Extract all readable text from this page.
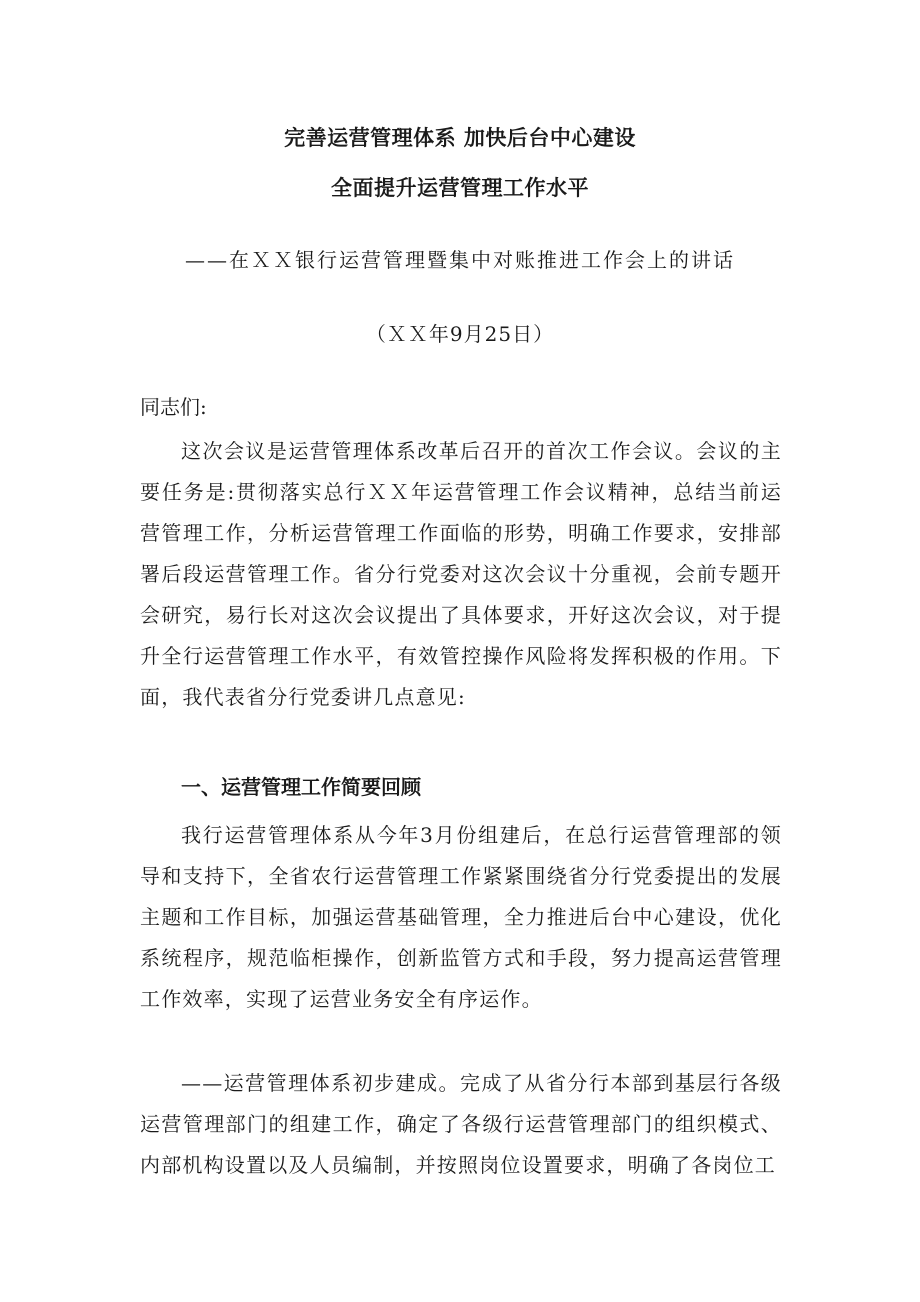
完善运营管理体系 加快后台中心建设
全面提升运营管理工作水平

——在ＸＸ银行运营管理暨集中对账推进工作会上的讲话

（ＸＸ年9月25日）

同志们:

这次会议是运营管理体系改革后召开的首次工作会议。会议的主要任务是:贯彻落实总行ＸＸ年运营管理工作会议精神，总结当前运营管理工作，分析运营管理工作面临的形势，明确工作要求，安排部署后段运营管理工作。省分行党委对这次会议十分重视，会前专题开会研究，易行长对这次会议提出了具体要求，开好这次会议，对于提升全行运营管理工作水平，有效管控操作风险将发挥积极的作用。下面，我代表省分行党委讲几点意见:

一、运营管理工作简要回顾

我行运营管理体系从今年3月份组建后，在总行运营管理部的领导和支持下，全省农行运营管理工作紧紧围绕省分行党委提出的发展主题和工作目标，加强运营基础管理，全力推进后台中心建设，优化系统程序，规范临柜操作，创新监管方式和手段，努力提高运营管理工作效率，实现了运营业务安全有序运作。

——运营管理体系初步建成。完成了从省分行本部到基层行各级运营管理部门的组建工作，确定了各级行运营管理部门的组织模式、内部机构设置以及人员编制，并按照岗位设置要求，明确了各岗位工
